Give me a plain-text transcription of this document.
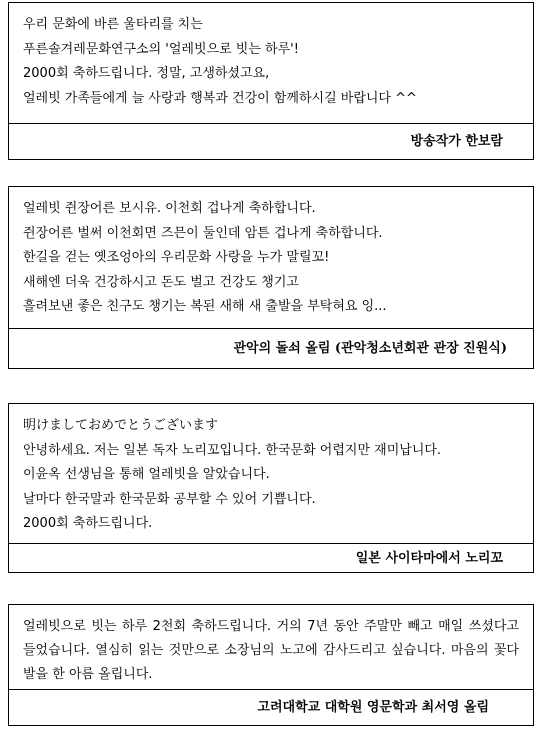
우리 문화에 바른 울타리를 치는
푸른솔겨레문화연구소의 '얼레빗으로 빗는 하루'!
2000회 축하드립니다. 정말, 고생하셨고요,
얼레빗 가족들에게 늘 사랑과 행복과 건강이 함께하시길 바랍니다 ^^
방송작가 한보람
얼레빗 쥔장어른 보시유. 이천회 겁나게 축하합니다.
쥔장어른 벌써 이천회면 즈믄이 둘인데 암튼 겁나게 축하합니다.
한길을 걷는 옛조엉아의 우리문화 사랑을 누가 말릴꼬!
새해엔 더욱 건강하시고 돈도 벌고 건강도 챙기고
흘려보낸 좋은 친구도 챙기는 복된 새해 새 출발을 부탁혀요 잉...
관악의 돌쇠 올림 (관악청소년회관 관장 진원식)
明けましておめでとうございます
안녕하세요. 저는 일본 독자 노리꼬입니다. 한국문화 어렵지만 재미납니다.
이윤옥 선생님을 통해 얼레빗을 알았습니다.
날마다 한국말과 한국문화 공부할 수 있어 기쁩니다.
2000회 축하드립니다.
일본 사이타마에서 노리꼬
얼레빗으로 빗는 하루 2천회 축하드립니다. 거의 7년 동안 주말만 빼고 매일 쓰셨다고 들었습니다. 열심히 읽는 것만으로 소장님의 노고에 감사드리고 싶습니다. 마음의 꽃다발을 한 아름 올립니다.
고려대학교 대학원 영문학과 최서영 올림
